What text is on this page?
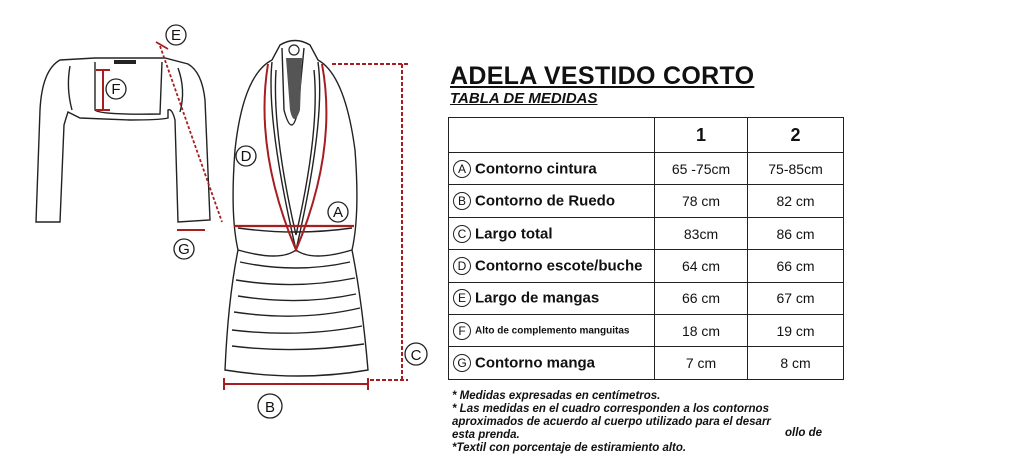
F
E
G
D
A
C
B
ADELA VESTIDO CORTO
TABLA DE MEDIDAS
	1	2
A Contorno cintura	65 -75cm	75-85cm
B Contorno de Ruedo	78 cm	82 cm
C Largo total	83cm	86 cm
D Contorno escote/buche	64 cm	66 cm
E Largo de mangas	66 cm	67 cm
F Alto de complemento manguitas	18 cm	19 cm
G Contorno manga	7 cm	8 cm

* Medidas expresadas en centímetros.

* Las medidas en el cuadro corresponden a los contornos

aproximados de acuerdo al cuerpo utilizado para el desarr

esta prenda.

*Textil con porcentaje de estiramiento alto.

ollo de
